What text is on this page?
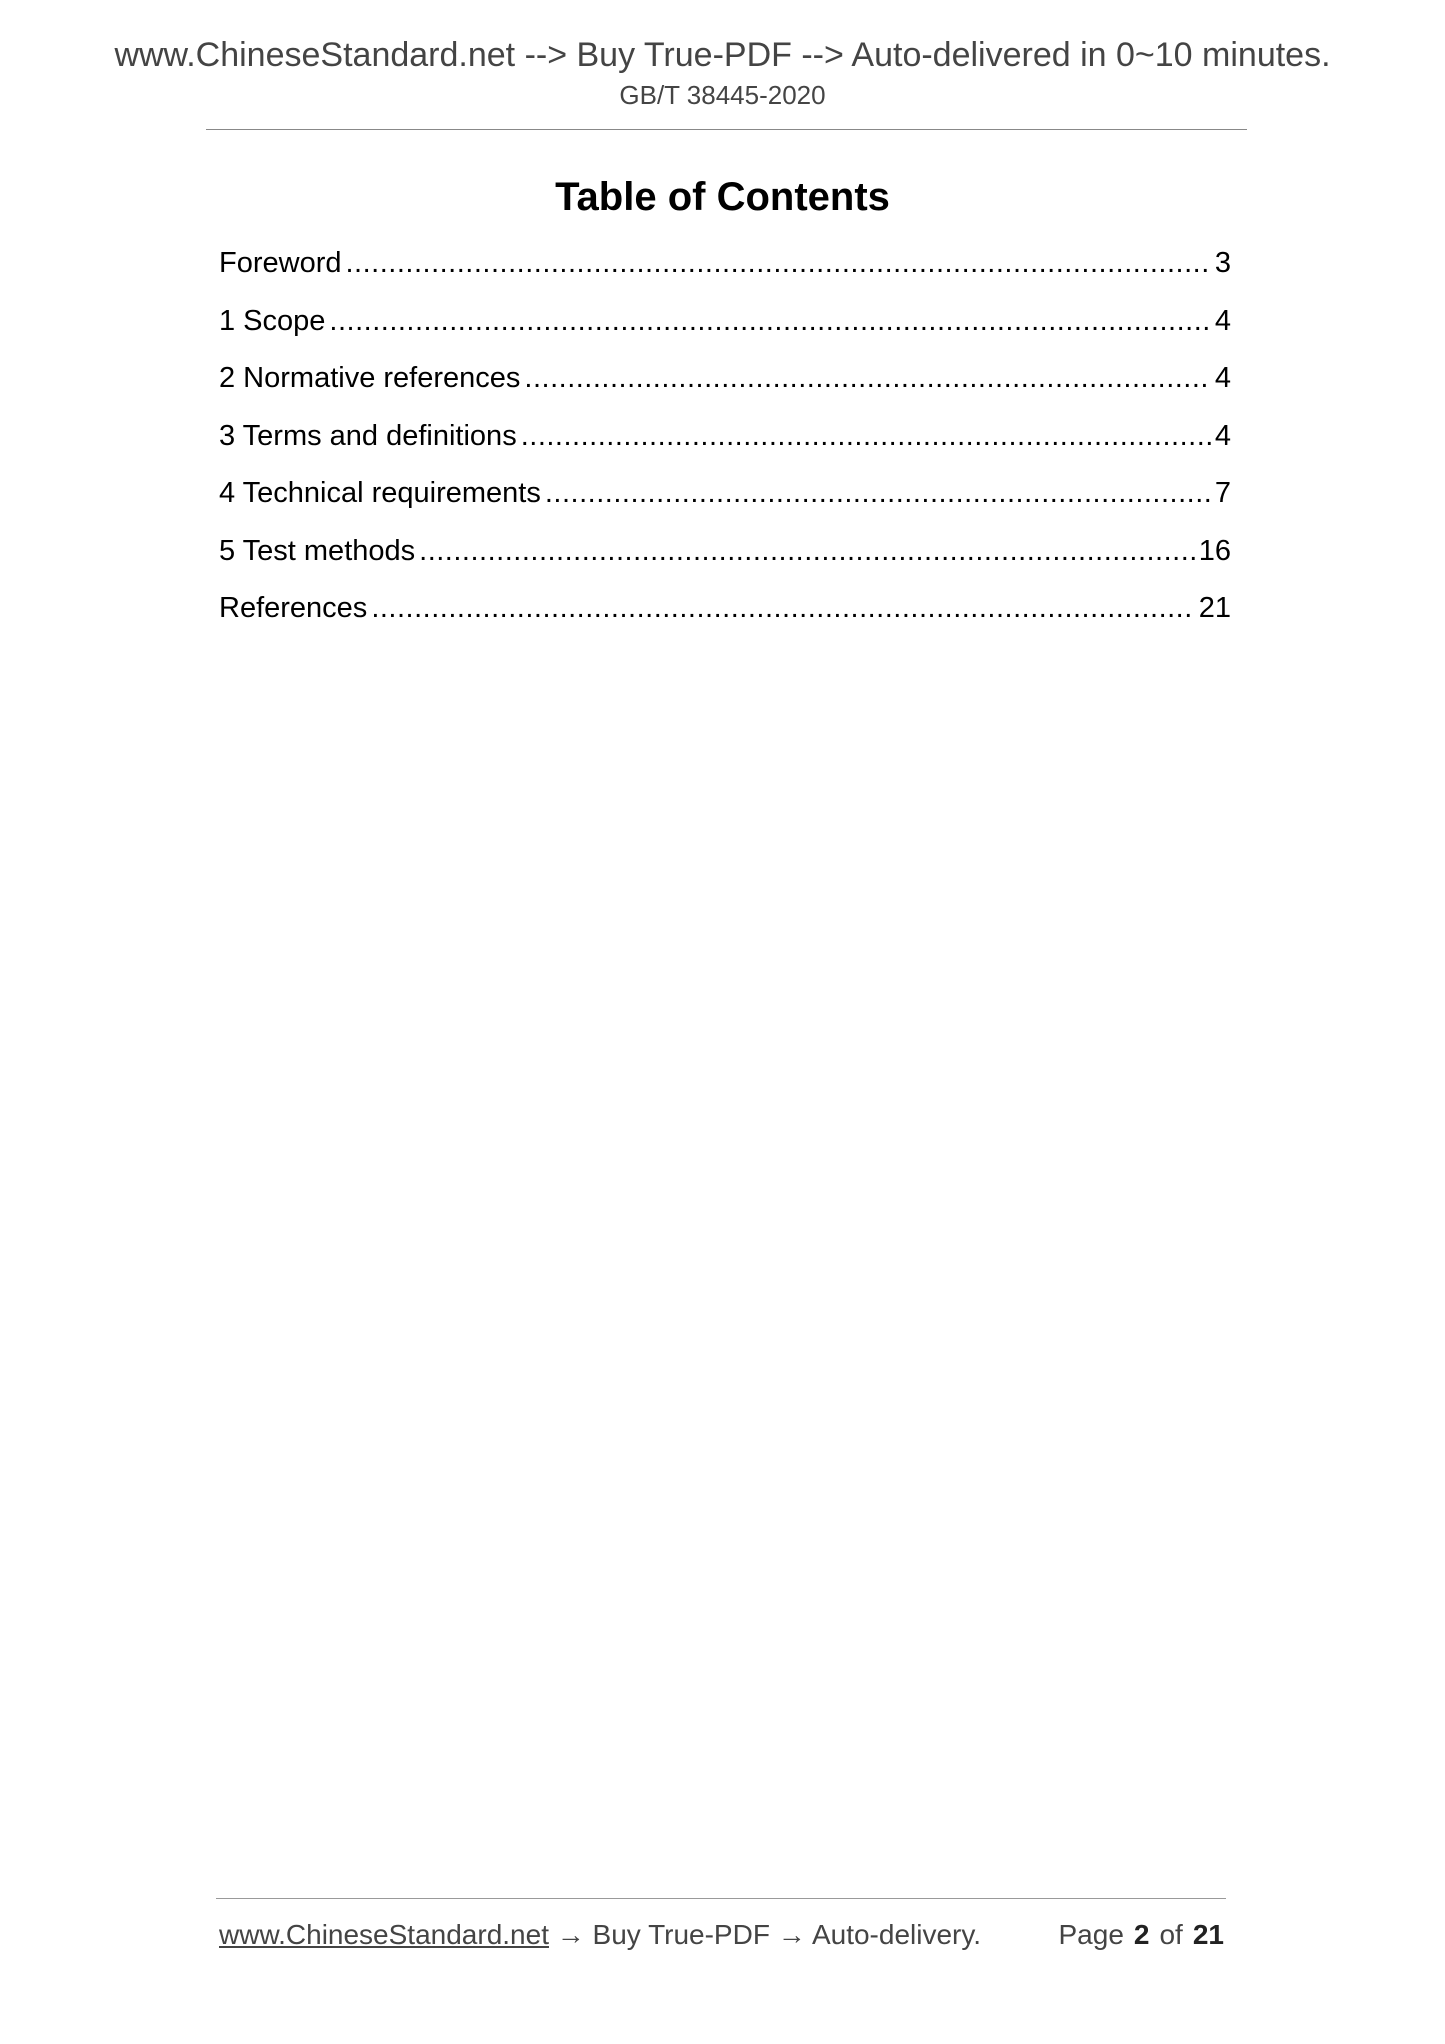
www.ChineseStandard.net --> Buy True-PDF --> Auto-delivered in 0~10 minutes.
GB/T 38445-2020
Table of Contents
Foreword .....	3
1 Scope .....	4
2 Normative references .....	4
3 Terms and definitions .....	4
4 Technical requirements .....	7
5 Test methods .....	16
References .....	21
www.ChineseStandard.net → Buy True-PDF → Auto-delivery.	Page 2 of 21
